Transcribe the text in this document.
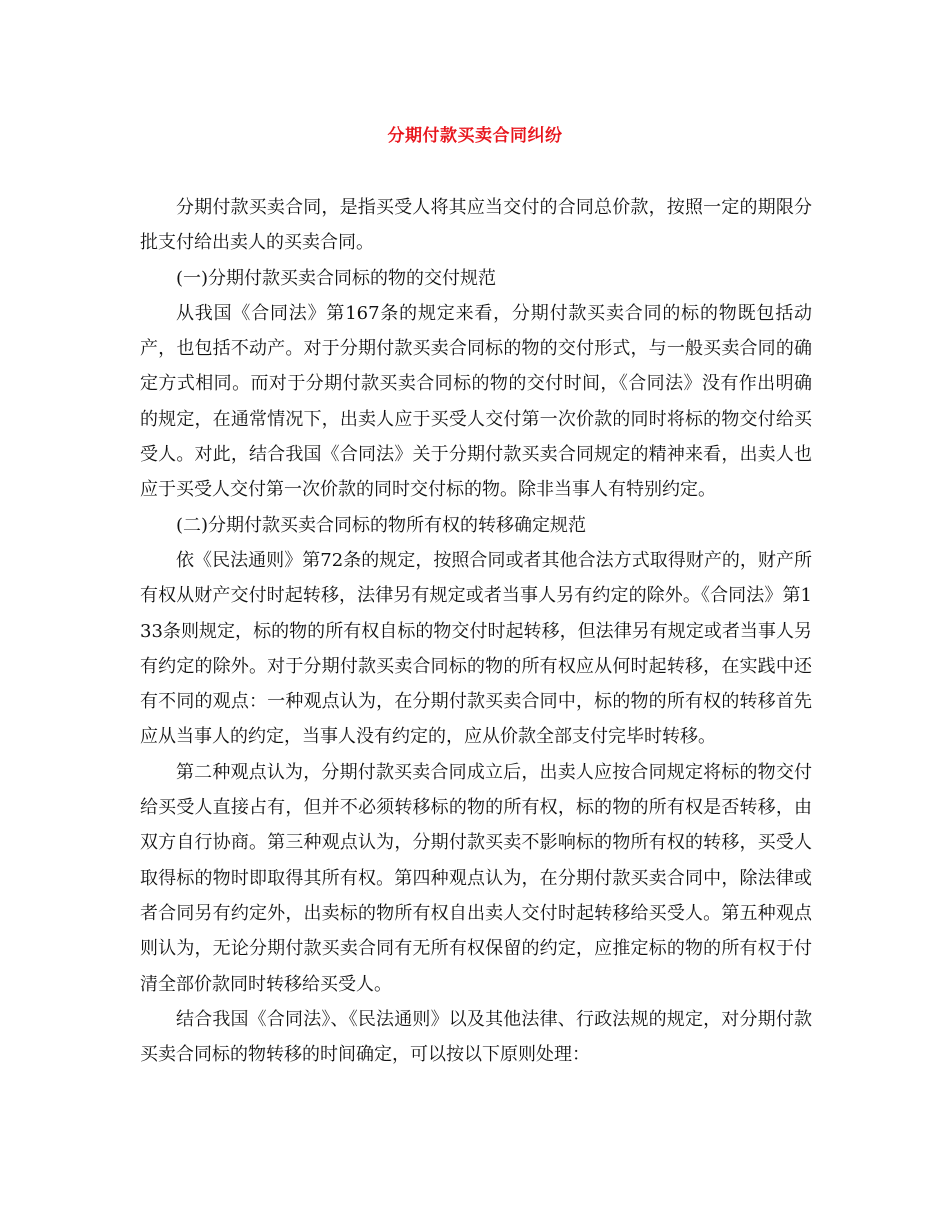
分期付款买卖合同纠纷

分期付款买卖合同，是指买受人将其应当交付的合同总价款，按照一定的期限分批支付给出卖人的买卖合同。

(一)分期付款买卖合同标的物的交付规范

从我国《合同法》第167条的规定来看，分期付款买卖合同的标的物既包括动产，也包括不动产。对于分期付款买卖合同标的物的交付形式，与一般买卖合同的确定方式相同。而对于分期付款买卖合同标的物的交付时间，《合同法》没有作出明确的规定，在通常情况下，出卖人应于买受人交付第一次价款的同时将标的物交付给买受人。对此，结合我国《合同法》关于分期付款买卖合同规定的精神来看，出卖人也应于买受人交付第一次价款的同时交付标的物。除非当事人有特别约定。

(二)分期付款买卖合同标的物所有权的转移确定规范

依《民法通则》第72条的规定，按照合同或者其他合法方式取得财产的，财产所有权从财产交付时起转移，法律另有规定或者当事人另有约定的除外。《合同法》第133条则规定，标的物的所有权自标的物交付时起转移，但法律另有规定或者当事人另有约定的除外。对于分期付款买卖合同标的物的所有权应从何时起转移，在实践中还有不同的观点：一种观点认为，在分期付款买卖合同中，标的物的所有权的转移首先应从当事人的约定，当事人没有约定的，应从价款全部支付完毕时转移。

第二种观点认为，分期付款买卖合同成立后，出卖人应按合同规定将标的物交付给买受人直接占有，但并不必须转移标的物的所有权，标的物的所有权是否转移，由双方自行协商。第三种观点认为，分期付款买卖不影响标的物所有权的转移，买受人取得标的物时即取得其所有权。第四种观点认为，在分期付款买卖合同中，除法律或者合同另有约定外，出卖标的物所有权自出卖人交付时起转移给买受人。第五种观点则认为，无论分期付款买卖合同有无所有权保留的约定，应推定标的物的所有权于付清全部价款同时转移给买受人。

结合我国《合同法》、《民法通则》以及其他法律、行政法规的规定，对分期付款买卖合同标的物转移的时间确定，可以按以下原则处理：
